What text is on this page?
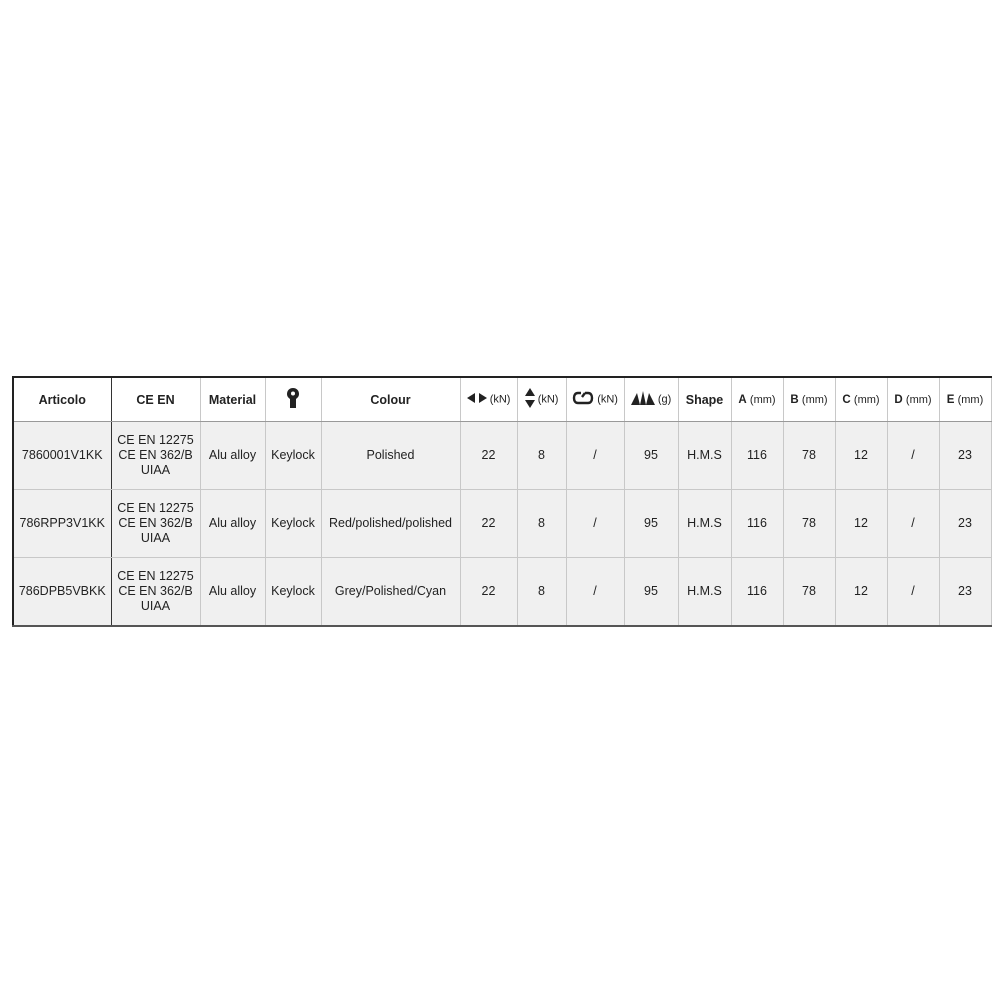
Articolo	CE EN	Material		Colour	(kN)	(kN)	(kN)	(g)	Shape	A (mm)	B (mm)	C (mm)	D (mm)	E (mm)
7860001V1KK	CE EN 12275
CE EN 362/B
UIAA	Alu alloy	Keylock	Polished	22	8	/	95	H.M.S	116	78	12	/	23
786RPP3V1KK	CE EN 12275
CE EN 362/B
UIAA	Alu alloy	Keylock	Red/polished/polished	22	8	/	95	H.M.S	116	78	12	/	23
786DPB5VBKK	CE EN 12275
CE EN 362/B
UIAA	Alu alloy	Keylock	Grey/Polished/Cyan	22	8	/	95	H.M.S	116	78	12	/	23
